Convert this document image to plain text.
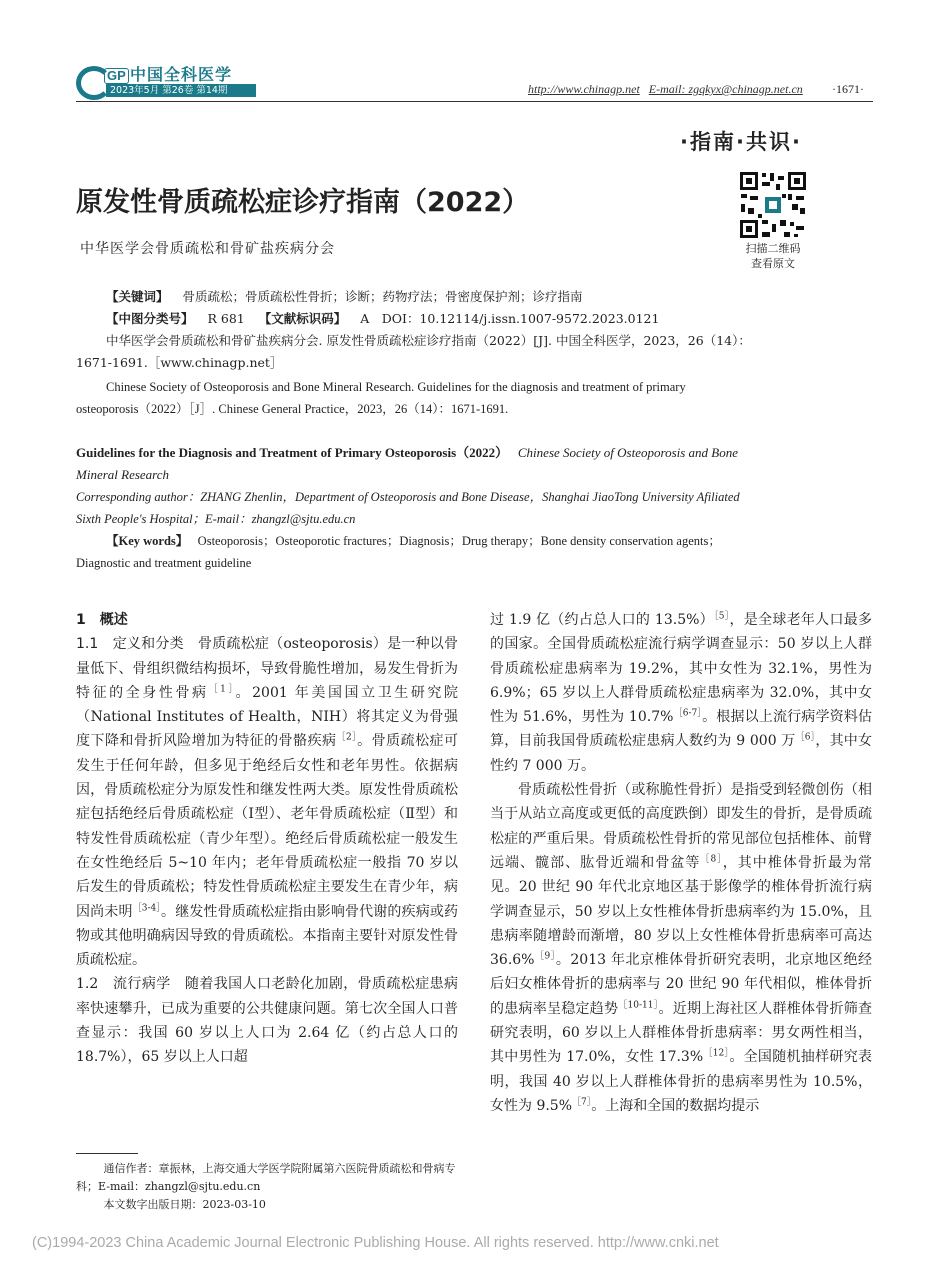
GP 中国全科医学
2023年5月 第26卷 第14期	http://www.chinagp.net E-mail: zgqkyx@chinagp.net.cn ·1671·
·指南·共识·
原发性骨质疏松症诊疗指南（2022）
中华医学会骨质疏松和骨矿盐疾病分会	扫描二维码
查看原文
【关键词】 骨质疏松；骨质疏松性骨折；诊断；药物疗法；骨密度保护剂；诊疗指南
【中图分类号】 R 681 【文献标识码】 A　DOI：10.12114/j.issn.1007-9572.2023.0121
中华医学会骨质疏松和骨矿盐疾病分会. 原发性骨质疏松症诊疗指南（2022）[J]. 中国全科医学，2023，26（14）：
1671-1691.［www.chinagp.net］
Chinese Society of Osteoporosis and Bone Mineral Research. Guidelines for the diagnosis and treatment of primary
osteoporosis（2022）［J］. Chinese General Practice，2023，26（14）：1671-1691.
Guidelines for the Diagnosis and Treatment of Primary Osteoporosis（2022） Chinese Society of Osteoporosis and Bone
Mineral Research
Corresponding author：ZHANG Zhenlin，Department of Osteoporosis and Bone Disease，Shanghai JiaoTong University Afiliated
Sixth People's Hospital；E-mail：zhangzl@sjtu.edu.cn
【Key words】 Osteoporosis；Osteoporotic fractures；Diagnosis；Drug therapy；Bone density conservation agents；
Diagnostic and treatment guideline

1　概述

1.1　定义和分类　骨质疏松症（osteoporosis）是一种以骨量低下、骨组织微结构损坏，导致骨脆性增加，易发生骨折为特征的全身性骨病$^{[1]}$。2001 年美国国立卫生研究院（National Institutes of Health，NIH）将其定义为骨强度下降和骨折风险增加为特征的骨骼疾病$^{[2]}$。骨质疏松症可发生于任何年龄，但多见于绝经后女性和老年男性。依据病因，骨质疏松症分为原发性和继发性两大类。原发性骨质疏松症包括绝经后骨质疏松症（Ⅰ型）、老年骨质疏松症（Ⅱ型）和特发性骨质疏松症（青少年型）。绝经后骨质疏松症一般发生在女性绝经后 5~10 年内；老年骨质疏松症一般指 70 岁以后发生的骨质疏松；特发性骨质疏松症主要发生在青少年，病因尚未明$^{[3-4]}$。继发性骨质疏松症指由影响骨代谢的疾病或药物或其他明确病因导致的骨质疏松。本指南主要针对原发性骨质疏松症。

1.2　流行病学　随着我国人口老龄化加剧，骨质疏松症患病率快速攀升，已成为重要的公共健康问题。第七次全国人口普查显示：我国 60 岁以上人口为 2.64 亿（约占总人口的 18.7%），65 岁以上人口超

通信作者：章振林，上海交通大学医学院附属第六医院骨质疏松和骨病专科；E-mail：zhangzl@sjtu.edu.cn

本文数字出版日期：2023-03-10

过 1.9 亿（约占总人口的 13.5%）$^{[5]}$，是全球老年人口最多的国家。全国骨质疏松症流行病学调查显示：50 岁以上人群骨质疏松症患病率为 19.2%，其中女性为 32.1%，男性为 6.9%；65 岁以上人群骨质疏松症患病率为 32.0%，其中女性为 51.6%，男性为 10.7%$^{[6-7]}$。根据以上流行病学资料估算，目前我国骨质疏松症患病人数约为 9 000 万$^{[6]}$，其中女性约 7 000 万。

骨质疏松性骨折（或称脆性骨折）是指受到轻微创伤（相当于从站立高度或更低的高度跌倒）即发生的骨折，是骨质疏松症的严重后果。骨质疏松性骨折的常见部位包括椎体、前臂远端、髋部、肱骨近端和骨盆等$^{[8]}$，其中椎体骨折最为常见。20 世纪 90 年代北京地区基于影像学的椎体骨折流行病学调查显示，50 岁以上女性椎体骨折患病率约为 15.0%，且患病率随增龄而渐增，80 岁以上女性椎体骨折患病率可高达 36.6%$^{[9]}$。2013 年北京椎体骨折研究表明，北京地区绝经后妇女椎体骨折的患病率与 20 世纪 90 年代相似，椎体骨折的患病率呈稳定趋势$^{[10-11]}$。近期上海社区人群椎体骨折筛查研究表明，60 岁以上人群椎体骨折患病率：男女两性相当，其中男性为 17.0%，女性 17.3%$^{[12]}$。全国随机抽样研究表明，我国 40 岁以上人群椎体骨折的患病率男性为 10.5%，女性为 9.5%$^{[7]}$。上海和全国的数据均提示

(C)1994-2023 China Academic Journal Electronic Publishing House. All rights reserved. http://www.cnki.net
